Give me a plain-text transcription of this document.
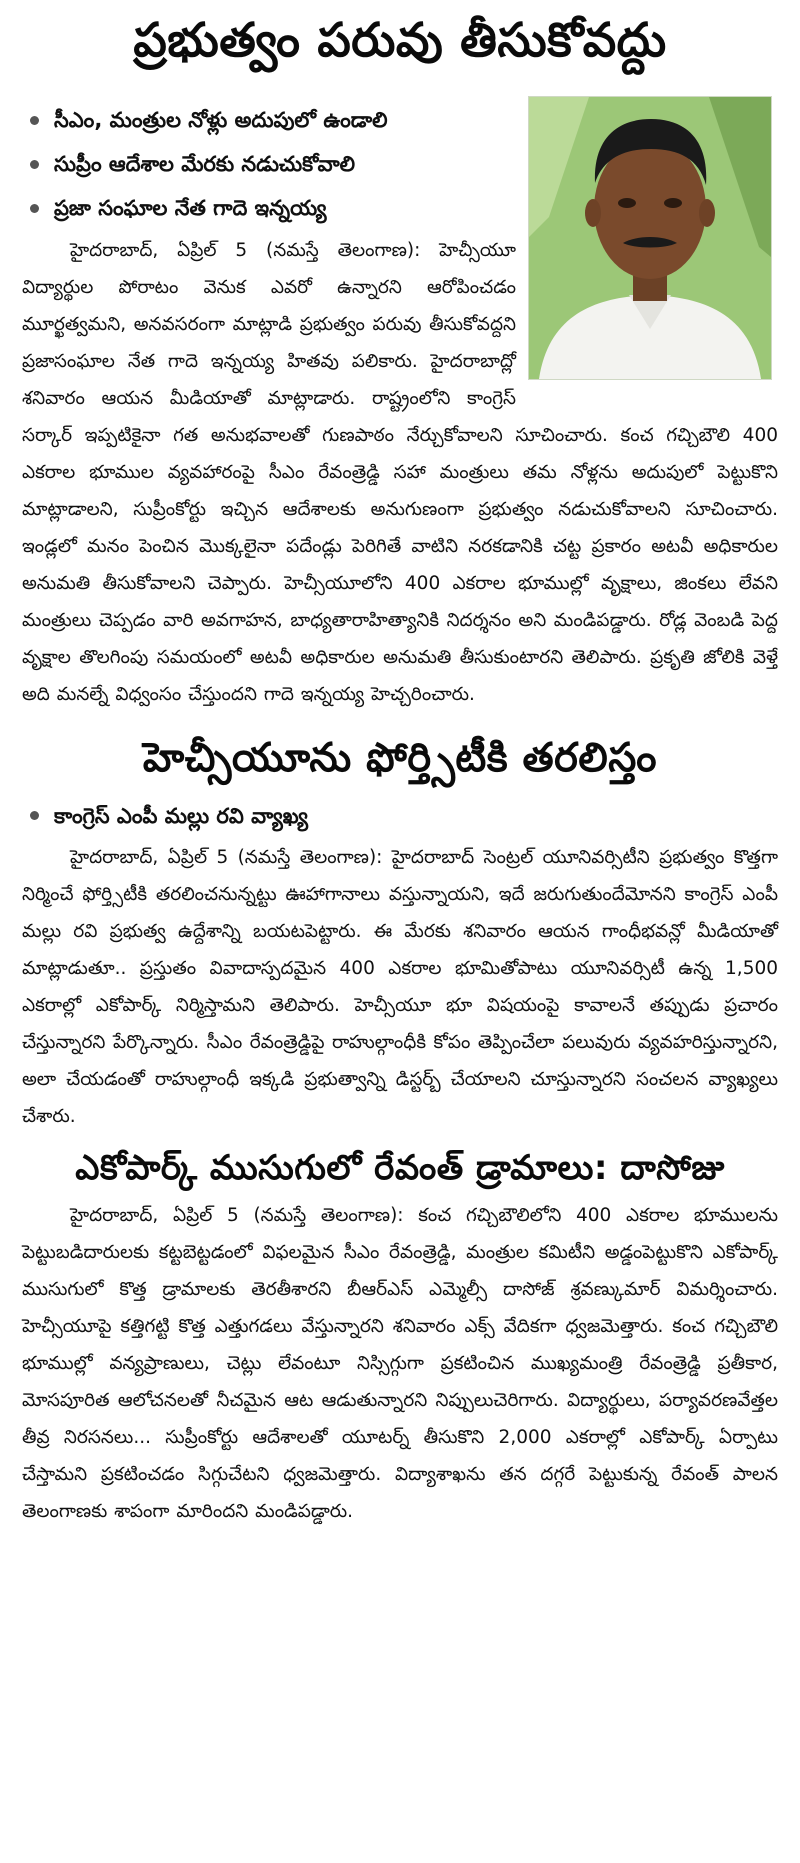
ప్రభుత్వం పరువు తీసుకోవద్దు
సీఎం, మంత్రుల నోళ్లు అదుపులో ఉండాలి
సుప్రీం ఆదేశాల మేరకు నడుచుకోవాలి
ప్రజా సంఘాల నేత గాదె ఇన్నయ్య

హైదరాబాద్, ఏప్రిల్ 5 (నమస్తే తెలంగాణ): హెచ్సీయూ విద్యార్థుల పోరాటం వెనుక ఎవరో ఉన్నారని ఆరోపించడం మూర్ఖత్వమని, అనవసరంగా మాట్లాడి ప్రభుత్వం పరువు తీసుకోవద్దని ప్రజాసంఘాల నేత గాదె ఇన్నయ్య హితవు పలికారు. హైదరాబాద్లో శనివారం ఆయన మీడియాతో మాట్లాడారు. రాష్ట్రంలోని కాంగ్రెస్ సర్కార్ ఇప్పటికైనా గత అనుభవాలతో గుణపాఠం నేర్చుకోవాలని సూచించారు. కంచ గచ్చిబౌలి 400 ఎకరాల భూముల వ్యవహారంపై సీఎం రేవంత్రెడ్డి సహా మంత్రులు తమ నోళ్లను అదుపులో పెట్టుకొని మాట్లాడాలని, సుప్రీంకోర్టు ఇచ్చిన ఆదేశాలకు అనుగుణంగా ప్రభుత్వం నడుచుకోవాలని సూచించారు. ఇండ్లలో మనం పెంచిన మొక్కలైనా పదేండ్లు పెరిగితే వాటిని నరకడానికి చట్ట ప్రకారం అటవీ అధికారుల అనుమతి తీసుకోవాలని చెప్పారు. హెచ్సీయూలోని 400 ఎకరాల భూముల్లో వృక్షాలు, జింకలు లేవని మంత్రులు చెప్పడం వారి అవగాహన, బాధ్యతారాహిత్యానికి నిదర్శనం అని మండిపడ్డారు. రోడ్ల వెంబడి పెద్ద వృక్షాల తొలగింపు సమయంలో అటవీ అధికారుల అనుమతి తీసుకుంటారని తెలిపారు. ప్రకృతి జోలికి వెళ్తే అది మనల్నే విధ్వంసం చేస్తుందని గాదె ఇన్నయ్య హెచ్చరించారు.

హెచ్సీయూను ఫోర్త్సిటీకి తరలిస్తం
కాంగ్రెస్ ఎంపీ మల్లు రవి వ్యాఖ్య

హైదరాబాద్, ఏప్రిల్ 5 (నమస్తే తెలంగాణ): హైదరాబాద్ సెంట్రల్ యూనివర్సిటీని ప్రభుత్వం కొత్తగా నిర్మించే ఫోర్త్సిటీకి తరలించనున్నట్టు ఊహాగానాలు వస్తున్నాయని, ఇదే జరుగుతుందేమోనని కాంగ్రెస్ ఎంపీ మల్లు రవి ప్రభుత్వ ఉద్దేశాన్ని బయటపెట్టారు. ఈ మేరకు శనివారం ఆయన గాంధీభవన్లో మీడియాతో మాట్లాడుతూ.. ప్రస్తుతం వివాదాస్పదమైన 400 ఎకరాల భూమితోపాటు యూనివర్సిటీ ఉన్న 1,500 ఎకరాల్లో ఎకోపార్క్ నిర్మిస్తామని తెలిపారు. హెచ్సీయూ భూ విషయంపై కావాలనే తప్పుడు ప్రచారం చేస్తున్నారని పేర్కొన్నారు. సీఎం రేవంత్రెడ్డిపై రాహుల్గాంధీకి కోపం తెప్పించేలా పలువురు వ్యవహరిస్తున్నారని, అలా చేయడంతో రాహుల్గాంధీ ఇక్కడి ప్రభుత్వాన్ని డిస్టర్బ్ చేయాలని చూస్తున్నారని సంచలన వ్యాఖ్యలు చేశారు.

ఎకోపార్క్ ముసుగులో రేవంత్ డ్రామాలు: దాసోజు

హైదరాబాద్, ఏప్రిల్ 5 (నమస్తే తెలంగాణ): కంచ గచ్చిబౌలిలోని 400 ఎకరాల భూములను పెట్టుబడిదారులకు కట్టబెట్టడంలో విఫలమైన సీఎం రేవంత్రెడ్డి, మంత్రుల కమిటీని అడ్డంపెట్టుకొని ఎకోపార్క్ ముసుగులో కొత్త డ్రామాలకు తెరతీశారని బీఆర్ఎస్ ఎమ్మెల్సీ దాసోజ్ శ్రవణ్కుమార్ విమర్శించారు. హెచ్సీయూపై కత్తిగట్టి కొత్త ఎత్తుగడలు వేస్తున్నారని శనివారం ఎక్స్ వేదికగా ధ్వజమెత్తారు. కంచ గచ్చిబౌలి భూముల్లో వన్యప్రాణులు, చెట్లు లేవంటూ నిస్సిగ్గుగా ప్రకటించిన ముఖ్యమంత్రి రేవంత్రెడ్డి ప్రతీకార, మోసపూరిత ఆలోచనలతో నీచమైన ఆట ఆడుతున్నారని నిప్పులుచెరిగారు. విద్యార్థులు, పర్యావరణవేత్తల తీవ్ర నిరసనలు... సుప్రీంకోర్టు ఆదేశాలతో యూటర్న్ తీసుకొని 2,000 ఎకరాల్లో ఎకోపార్క్ ఏర్పాటు చేస్తామని ప్రకటించడం సిగ్గుచేటని ధ్వజమెత్తారు. విద్యాశాఖను తన దగ్గరే పెట్టుకున్న రేవంత్ పాలన తెలంగాణకు శాపంగా మారిందని మండిపడ్డారు.
